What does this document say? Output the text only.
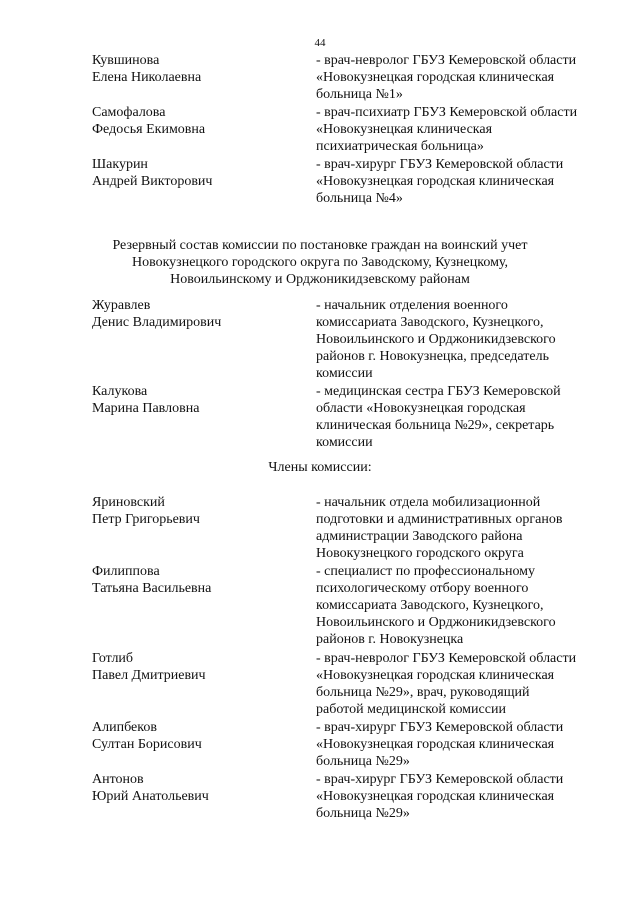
44
Кувшинова
Елена Николаевна
- врач-невролог ГБУЗ Кемеровской области
«Новокузнецкая городская клиническая
больница №1»
Самофалова
Федосья Екимовна
- врач-психиатр ГБУЗ Кемеровской области
«Новокузнецкая клиническая
психиатрическая больница»
Шакурин
Андрей Викторович
- врач-хирург ГБУЗ Кемеровской области
«Новокузнецкая городская клиническая
больница №4»
Резервный состав комиссии по постановке граждан на воинский учет
Новокузнецкого городского округа по Заводскому, Кузнецкому,
Новоильинскому и Орджоникидзевскому районам
Журавлев
Денис Владимирович
- начальник отделения военного
комиссариата Заводского, Кузнецкого,
Новоильинского и Орджоникидзевского
районов г. Новокузнецка, председатель
комиссии
Калукова
Марина Павловна
- медицинская сестра ГБУЗ Кемеровской
области «Новокузнецкая городская
клиническая больница №29», секретарь
комиссии
Члены комиссии:
Яриновский
Петр Григорьевич
- начальник отдела мобилизационной
подготовки и административных органов
администрации Заводского района
Новокузнецкого городского округа
Филиппова
Татьяна Васильевна
- специалист по профессиональному
психологическому отбору военного
комиссариата Заводского, Кузнецкого,
Новоильинского и Орджоникидзевского
районов г. Новокузнецка
Готлиб
Павел Дмитриевич
- врач-невролог ГБУЗ Кемеровской области
«Новокузнецкая городская клиническая
больница №29», врач, руководящий
работой медицинской комиссии
Алипбеков
Султан Борисович
- врач-хирург ГБУЗ Кемеровской области
«Новокузнецкая городская клиническая
больница №29»
Антонов
Юрий Анатольевич
- врач-хирург ГБУЗ Кемеровской области
«Новокузнецкая городская клиническая
больница №29»
